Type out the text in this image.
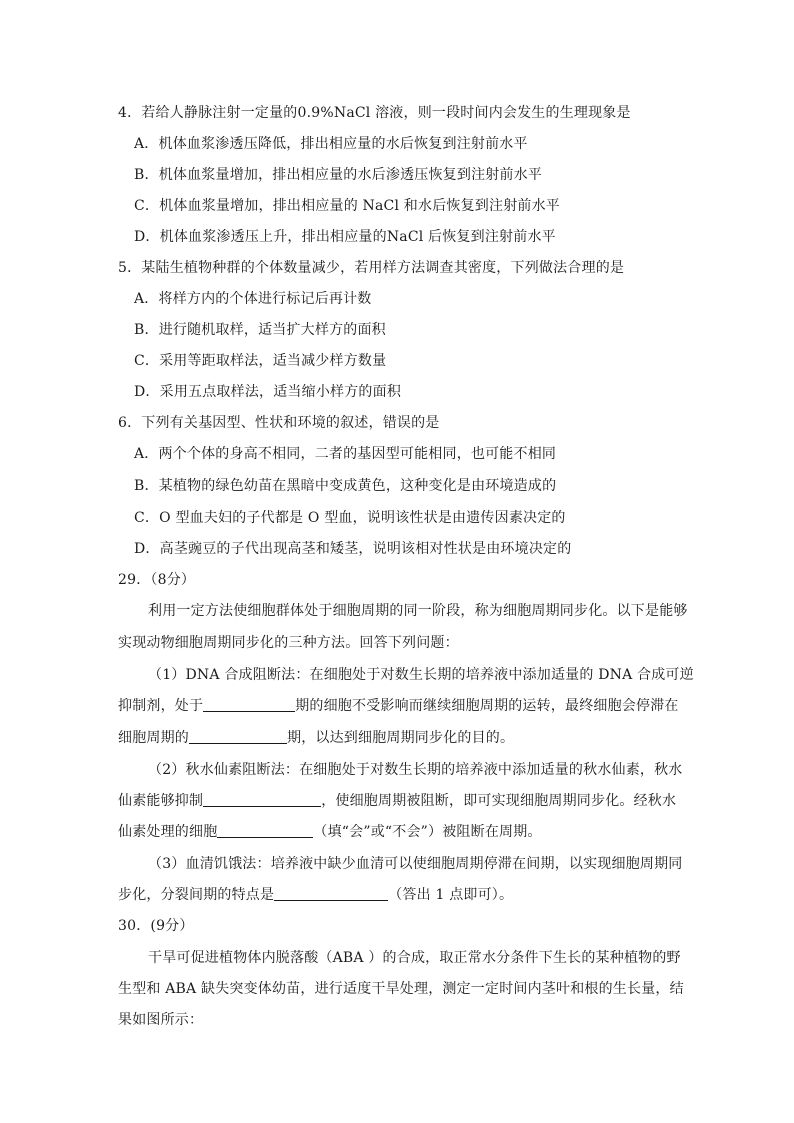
4．若给人静脉注射一定量的0.9%NaCl 溶液，则一段时间内会发生的生理现象是
A．机体血浆渗透压降低，排出相应量的水后恢复到注射前水平
B．机体血浆量增加，排出相应量的水后渗透压恢复到注射前水平
C．机体血浆量增加，排出相应量的 NaCl 和水后恢复到注射前水平
D．机体血浆渗透压上升，排出相应量的NaCl 后恢复到注射前水平
5．某陆生植物种群的个体数量减少，若用样方法调查其密度，下列做法合理的是
A．将样方内的个体进行标记后再计数
B．进行随机取样，适当扩大样方的面积
C．采用等距取样法，适当减少样方数量
D．采用五点取样法，适当缩小样方的面积
6．下列有关基因型、性状和环境的叙述，错误的是
A．两个个体的身高不相同，二者的基因型可能相同，也可能不相同
B．某植物的绿色幼苗在黑暗中变成黄色，这种变化是由环境造成的
C．O 型血夫妇的子代都是 O 型血，说明该性状是由遗传因素决定的
D．高茎豌豆的子代出现高茎和矮茎，说明该相对性状是由环境决定的
29．（8分）
利用一定方法使细胞群体处于细胞周期的同一阶段，称为细胞周期同步化。以下是能够
实现动物细胞周期同步化的三种方法。回答下列问题：
（1）DNA 合成阻断法：在细胞处于对数生长期的培养液中添加适量的 DNA 合成可逆
抑制剂，处于	期的细胞不受影响而继续细胞周期的运转，最终细胞会停滞在
细胞周期的	期，以达到细胞周期同步化的目的。
（2）秋水仙素阻断法：在细胞处于对数生长期的培养液中添加适量的秋水仙素，秋水
仙素能够抑制	，使细胞周期被阻断，即可实现细胞周期同步化。经秋水
仙素处理的细胞	（填“会”或“不会”）被阻断在周期。
（3）血清饥饿法：培养液中缺少血清可以使细胞周期停滞在间期，以实现细胞周期同
步化，分裂间期的特点是	（答出 1 点即可）。
30．(9分）
干旱可促进植物体内脱落酸（ABA ）的合成，取正常水分条件下生长的某种植物的野
生型和 ABA 缺失突变体幼苗，进行适度干旱处理，测定一定时间内茎叶和根的生长量，结
果如图所示：
